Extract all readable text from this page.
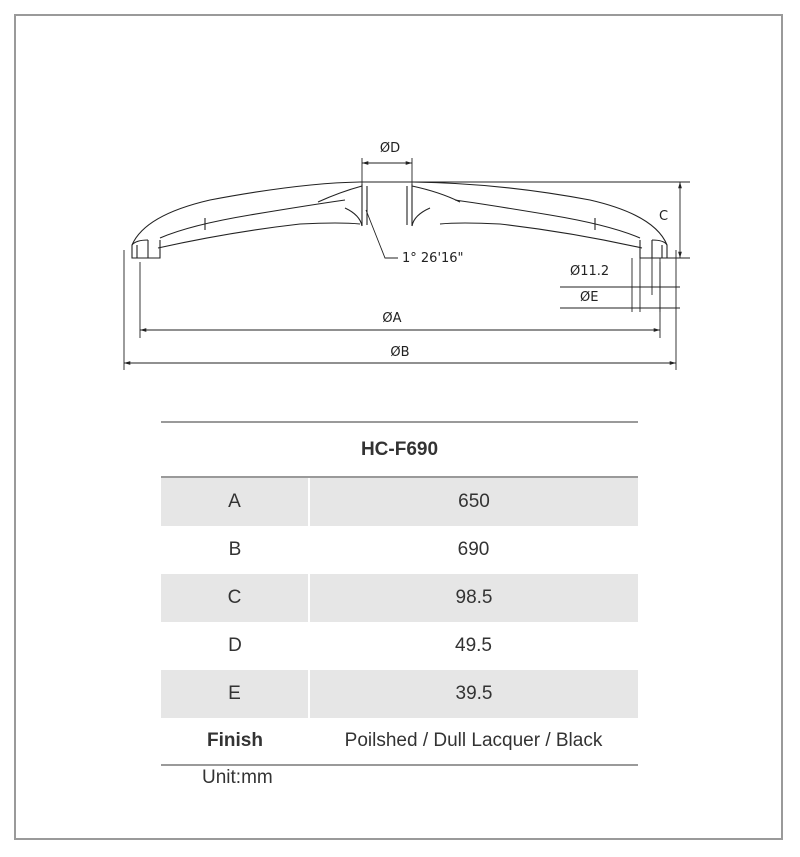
ØD
C
1° 26'16"
Ø11.2
ØE
ØA
ØB

HC-F690	
A	650
B	690
C	98.5
D	49.5
E	39.5
Finish	Poilshed / Dull Lacquer / Black
Unit:mm
